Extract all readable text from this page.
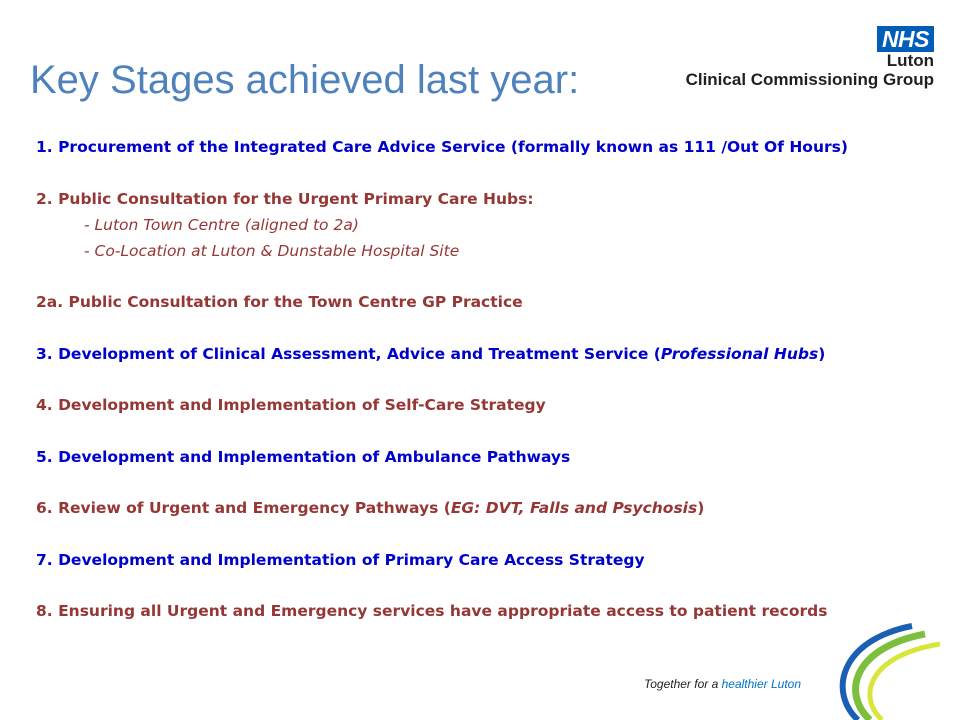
Key Stages achieved last year:
NHS
Luton
Clinical Commissioning Group
1. Procurement of the Integrated Care Advice Service (formally known as 111 /Out Of Hours)
2. Public Consultation for the Urgent Primary Care Hubs:
- Luton Town Centre (aligned to 2a)
- Co-Location at Luton & Dunstable Hospital Site
2a. Public Consultation for the Town Centre GP Practice
3. Development of Clinical Assessment, Advice and Treatment Service (Professional Hubs)
4. Development and Implementation of Self-Care Strategy
5. Development and Implementation of Ambulance Pathways
6. Review of Urgent and Emergency Pathways (EG: DVT, Falls and Psychosis)
7. Development and Implementation of Primary Care Access Strategy
8. Ensuring all Urgent and Emergency services have appropriate access to patient records
Together for a healthier Luton
